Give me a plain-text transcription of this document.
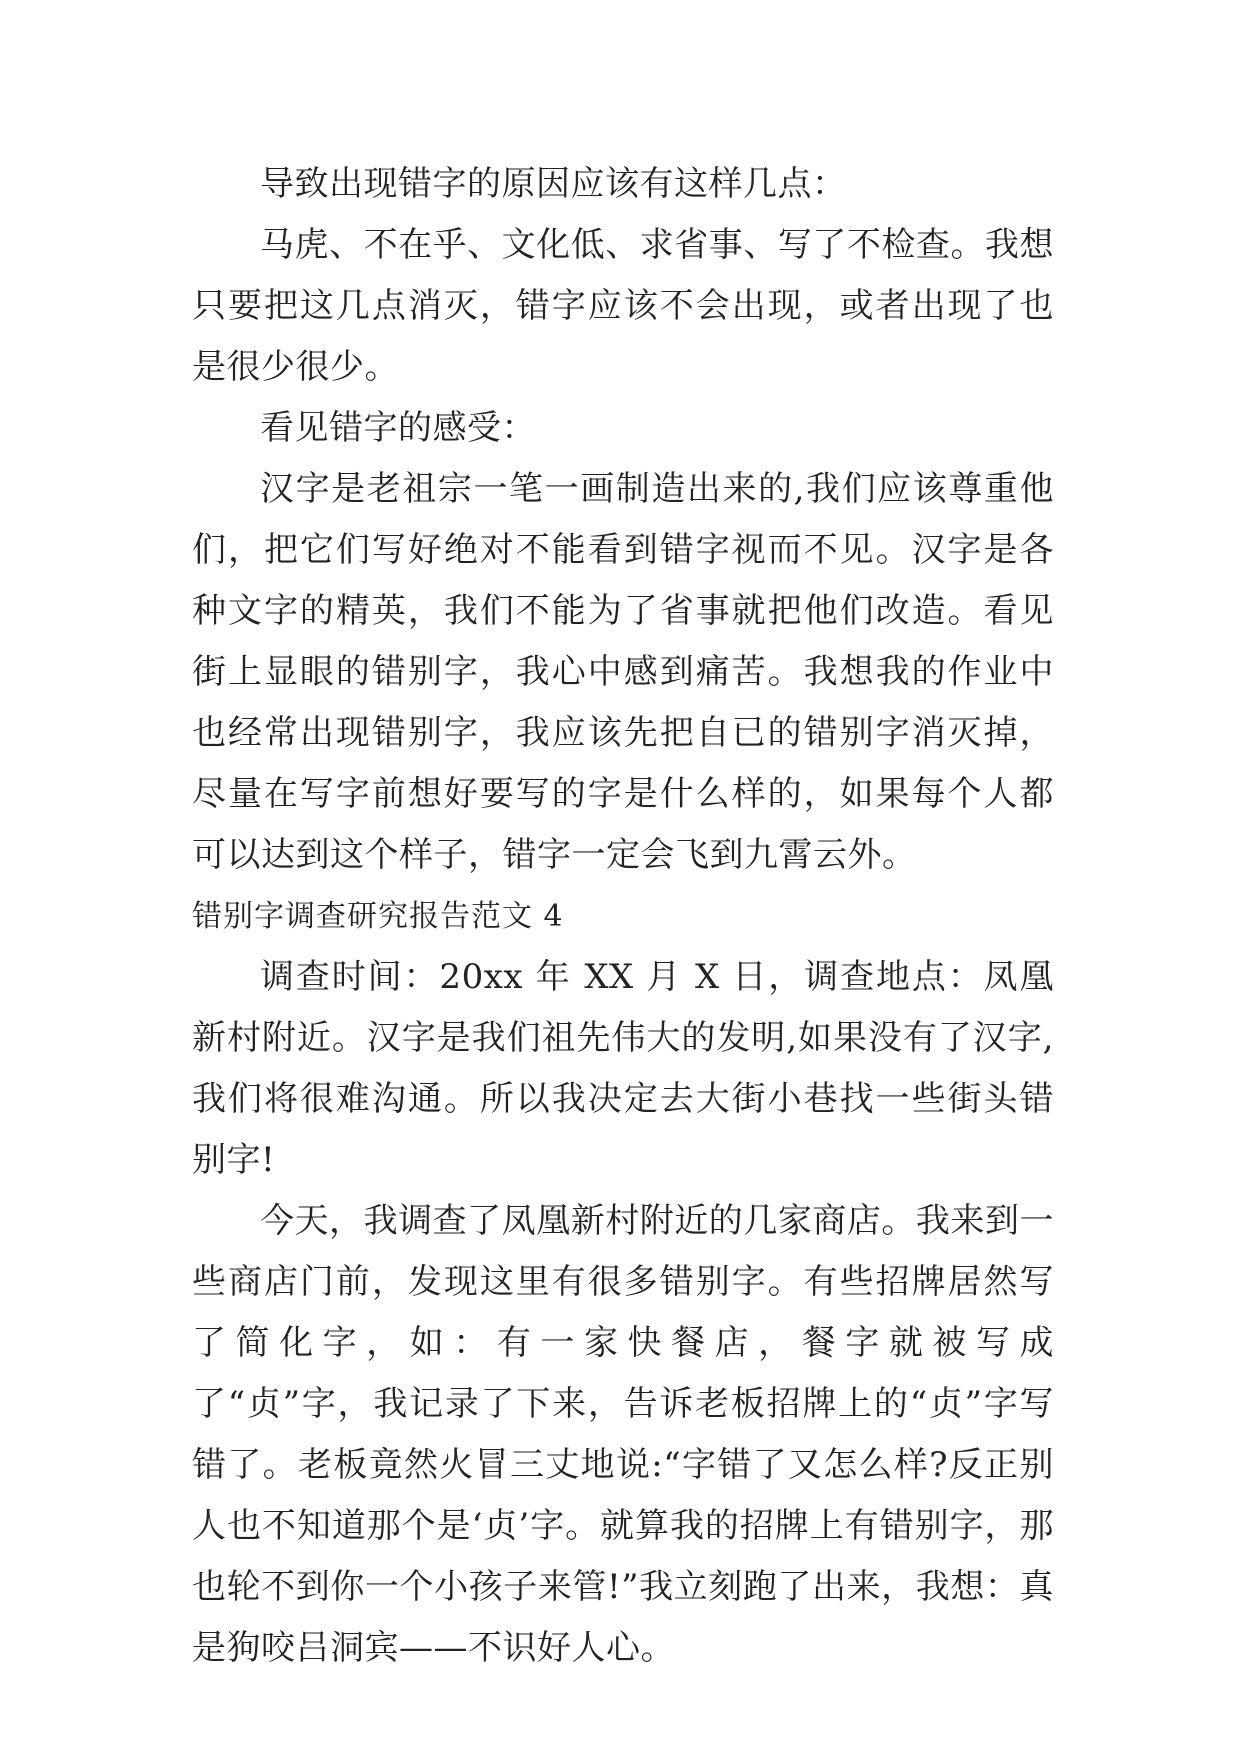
导致出现错字的原因应该有这样几点：

马虎、不在乎、文化低、求省事、写了不检查。我想只要把这几点消灭，错字应该不会出现，或者出现了也是很少很少。

看见错字的感受：

汉字是老祖宗一笔一画制造出来的,我们应该尊重他们，把它们写好绝对不能看到错字视而不见。汉字是各种文字的精英，我们不能为了省事就把他们改造。看见街上显眼的错别字，我心中感到痛苦。我想我的作业中也经常出现错别字，我应该先把自已的错别字消灭掉，尽量在写字前想好要写的字是什么样的，如果每个人都可以达到这个样子，错字一定会飞到九霄云外。

错别字调查研究报告范文 4

调查时间：20xx 年 XX 月 X 日，调查地点：凤凰新村附近。汉字是我们祖先伟大的发明,如果没有了汉字,我们将很难沟通。所以我决定去大街小巷找一些街头错别字!

今天，我调查了凤凰新村附近的几家商店。我来到一些商店门前，发现这里有很多错别字。有些招牌居然写了简化字，如：有一家快餐店，餐字就被写成了“贞”字，我记录了下来，告诉老板招牌上的“贞”字写错了。老板竟然火冒三丈地说:“字错了又怎么样?反正别人也不知道那个是‘贞’字。就算我的招牌上有错别字，那也轮不到你一个小孩子来管!”我立刻跑了出来，我想：真是狗咬吕洞宾——不识好人心。
